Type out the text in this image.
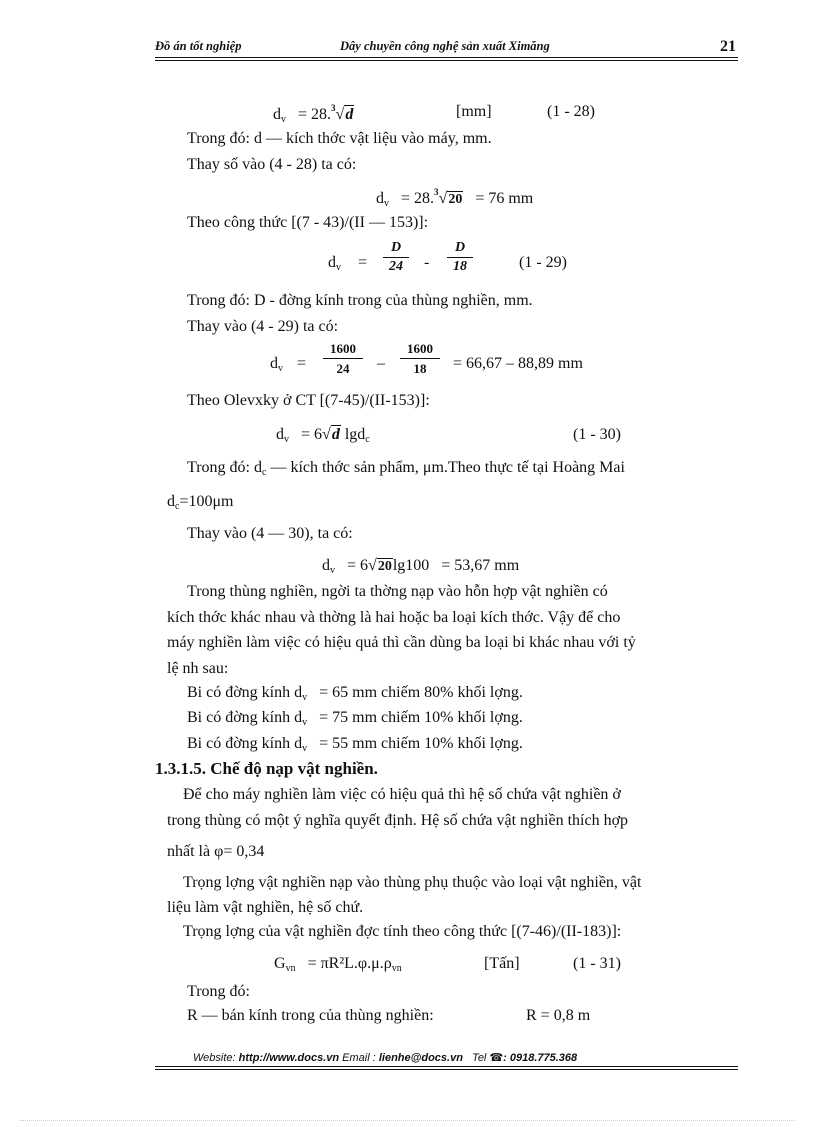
Đồ án tốt nghiệp	Dây chuyền công nghệ sản xuất Ximăng	21
$d_v = 28.^3√d$	[mm]	(1 - 28)
Trong đó: d — kích thớc vật liệu vào máy, mm.
Thay số vào (4 - 28) ta có:
$d_v = 28.^3√20 = 76$ mm
Theo công thức [(7 - 43)/(II — 153)]:
$d_v = \frac{D}{24} - \frac{D}{18}$	(1 - 29)
Trong đó: D - đờng kính trong của thùng nghiền, mm.
Thay vào (4 - 29) ta có:
$d_v = \frac{1600}{24} - \frac{1600}{18} = 66,67 - 88,89$ mm
Theo Olevxky ở CT [(7-45)/(II-153)]:
$d_v = 6√d$ lgd$_c$	(1 - 30)
Trong đó: $d_c$ — kích thớc sản phẩm, μm.Theo thực tế tại Hoàng Mai
$d_c=100\mu m$
Thay vào (4 — 30), ta có:
$d_v = 6√20\lg 100 = 53,67$ mm
Trong thùng nghiền, ngời ta thờng nạp vào hỗn hợp vật nghiền có
kích thớc khác nhau và thờng là hai hoặc ba loại kích thớc. Vậy để cho
máy nghiền làm việc có hiệu quả thì cần dùng ba loại bi khác nhau với tỷ
lệ nh sau:
Bi có đờng kính $d_v = 65$ mm chiếm 80% khối lợng.
Bi có đờng kính $d_v = 75$ mm chiếm 10% khối lợng.
Bi có đờng kính $d_v = 55$ mm chiếm 10% khối lợng.
1.3.1.5. Chế độ nạp vật nghiền.
Để cho máy nghiền làm việc có hiệu quả thì hệ số chứa vật nghiền ở
trong thùng có một ý nghĩa quyết định. Hệ số chứa vật nghiền thích hợp
nhất là φ= 0,34
Trọng lợng vật nghiền nạp vào thùng phụ thuộc vào loại vật nghiền, vật
liệu làm vật nghiền, hệ số chứ.
Trọng lợng của vật nghiền đợc tính theo công thức [(7-46)/(II-183)]:
$G_{vn} = \pi R^2L.\varphi.\mu.\rho_{vn}$	[Tấn]	(1 - 31)
Trong đó:
R — bán kính trong của thùng nghiền:	R = 0,8 m
Website: http://www.docs.vn Email : lienhe@docs.vn Tel ☎: 0918.775.368
